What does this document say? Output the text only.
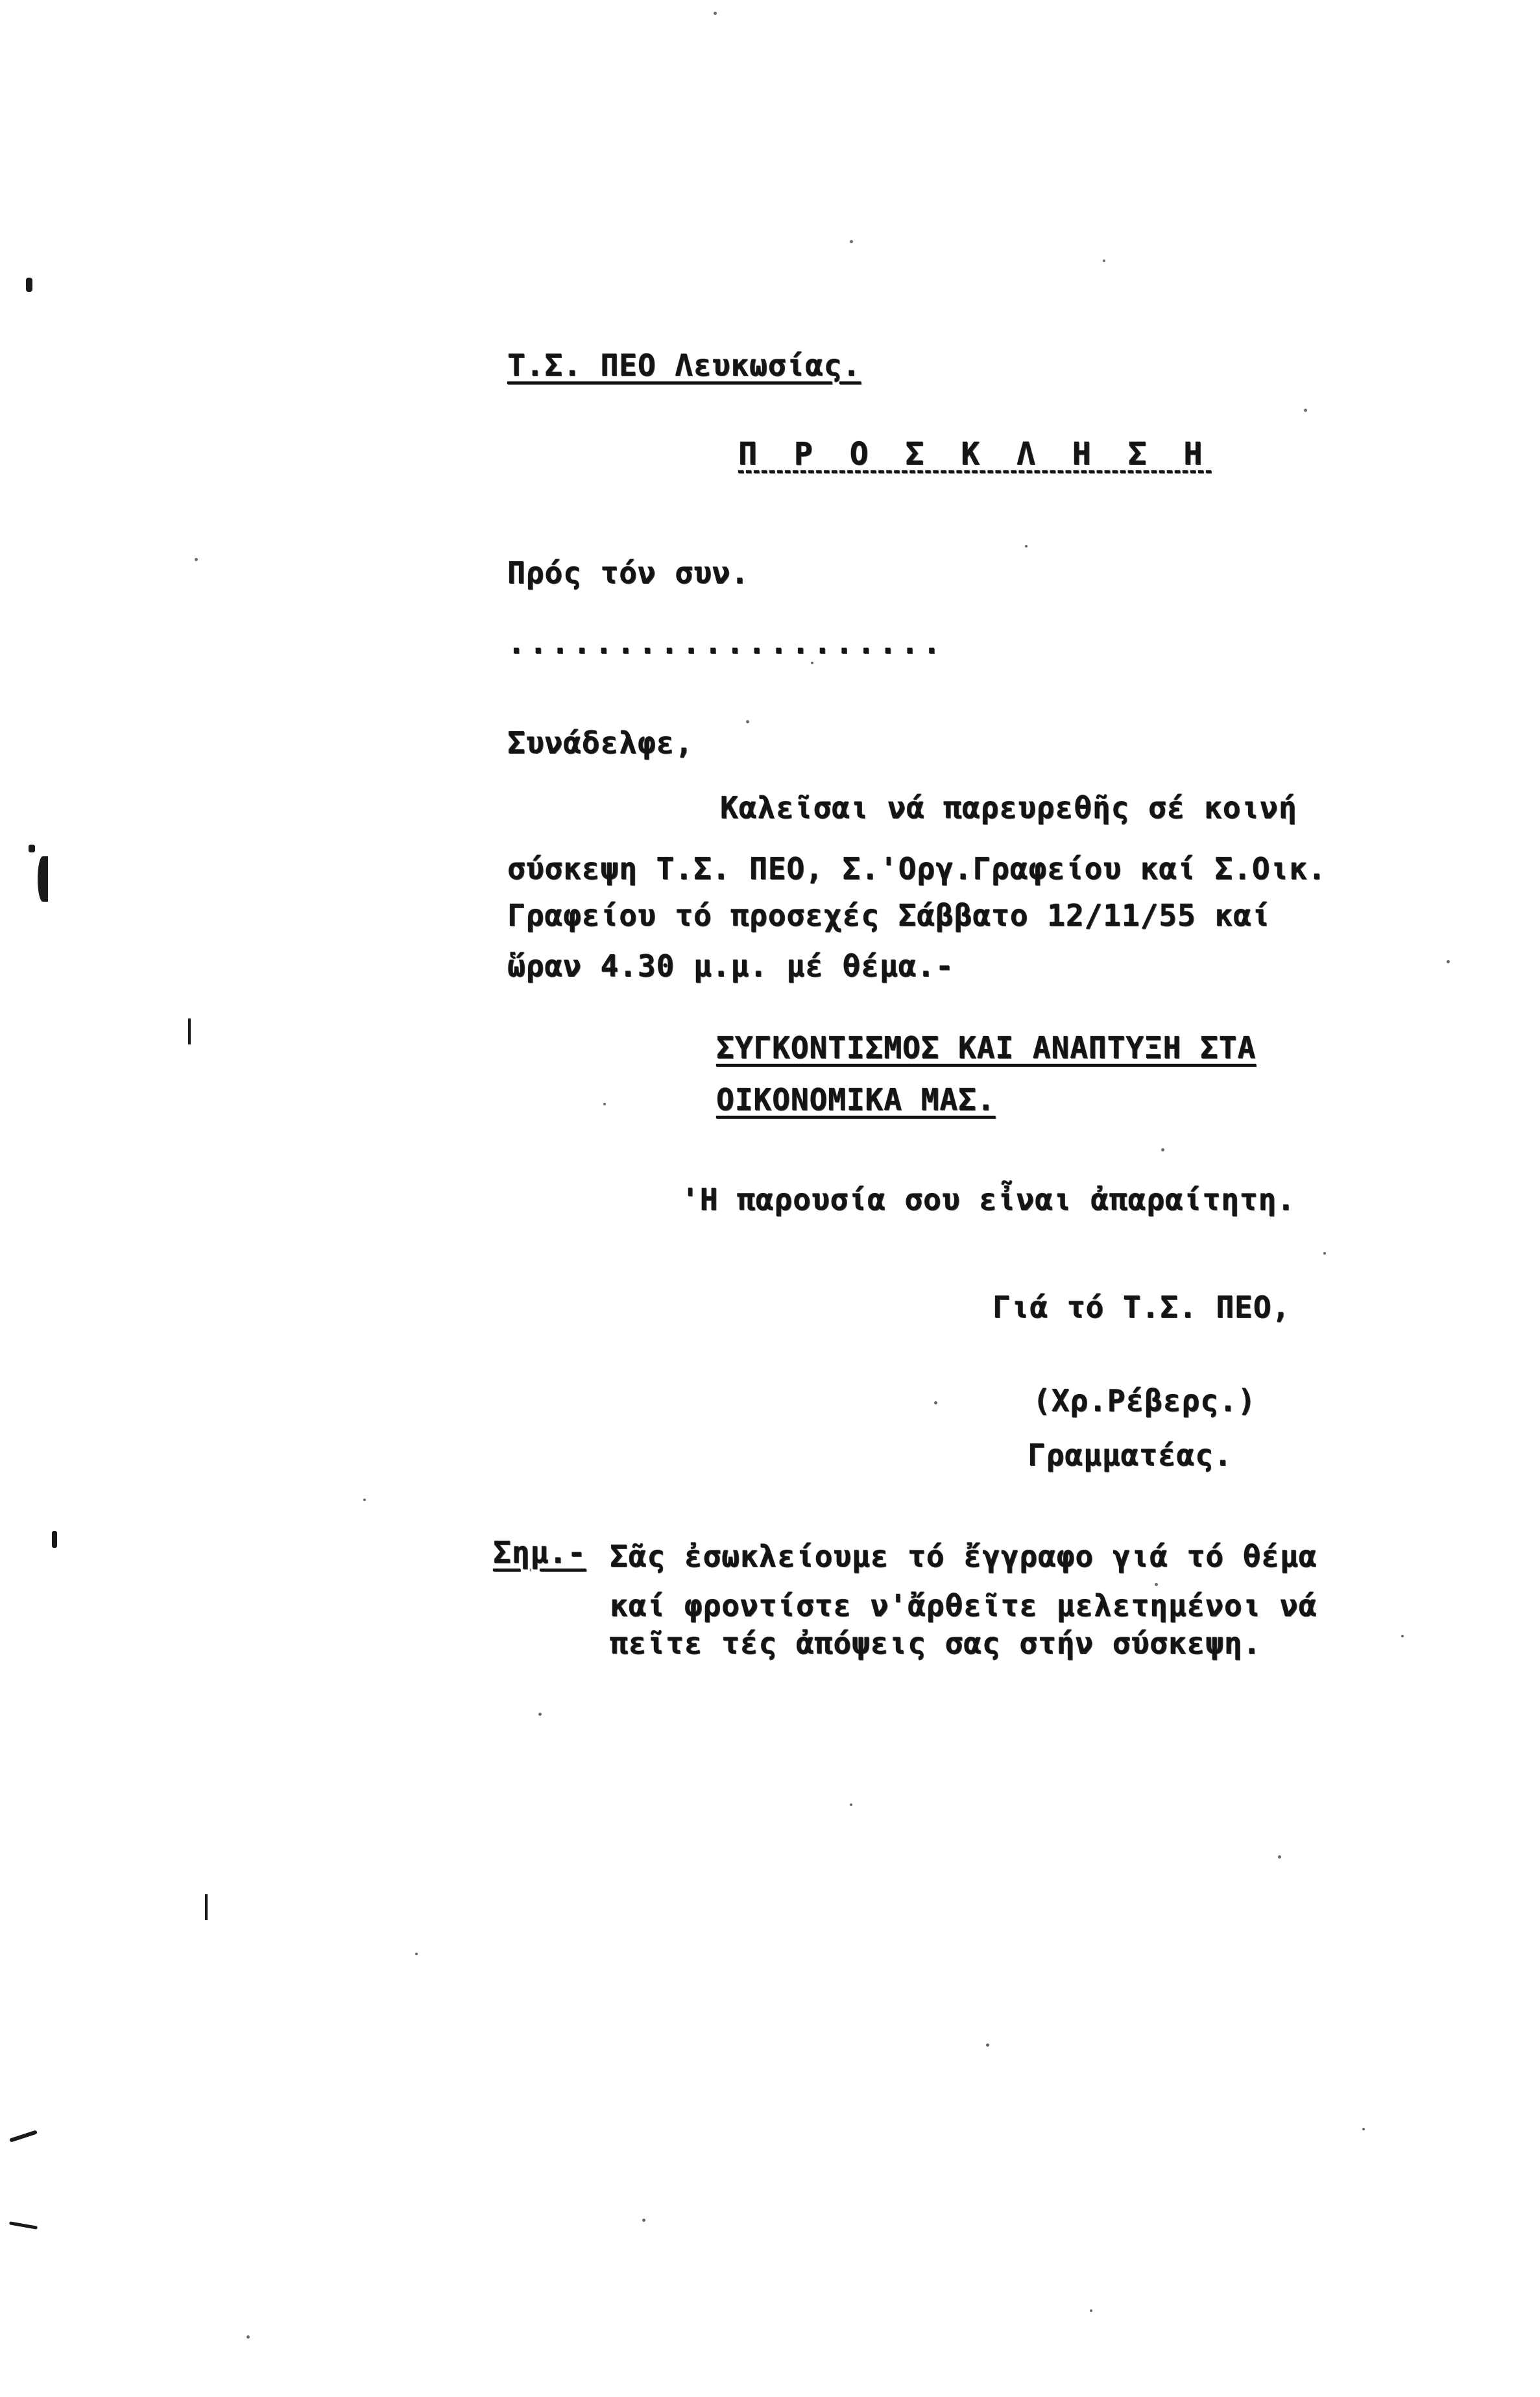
Τ.Σ. ΠΕΟ Λευκωσίας.
Π Ρ Ο Σ Κ Λ Η Σ Η
Πρός τόν συν.
....................
Συνάδελφε,
Καλεῖσαι νά παρευρεθῆς σέ κοινή
σύσκεψη Τ.Σ. ΠΕΟ, Σ.'Οργ.Γραφείου καί Σ.Οικ.
Γραφείου τό προσεχές Σάββατο 12/11/55 καί
ὥραν 4.30 μ.μ. μέ θέμα.-
ΣΥΓΚΟΝΤΙΣΜΟΣ ΚΑΙ ΑΝΑΠΤΥΞΗ ΣΤΑ
ΟΙΚΟΝΟΜΙΚΑ ΜΑΣ.
'Η παρουσία σου εἶναι ἀπαραίτητη.
Γιά τό Τ.Σ. ΠΕΟ,
(Χρ.Ρέβερς.)
Γραμματέας.
Σημ.- Σᾶς ἐσωκλείουμε τό ἔγγραφο γιά τό θέμα
καί φροντίστε ν'ἄρθεῖτε μελετημένοι νά
πεῖτε τές ἀπόψεις σας στήν σύσκεψη.
